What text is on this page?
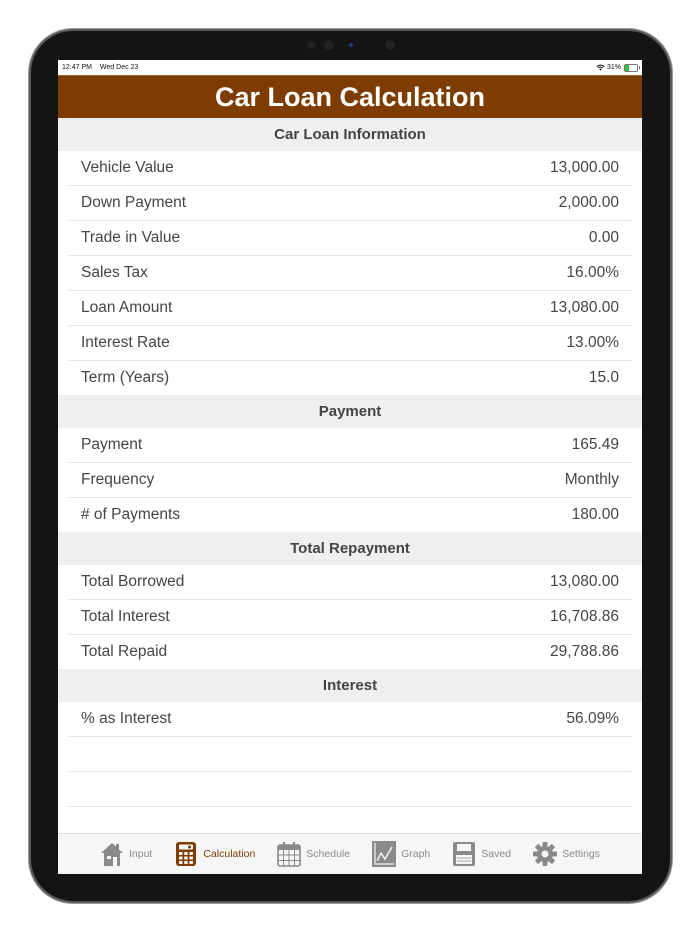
12:47 PM Wed Dec 23	31%
Car Loan Calculation
Car Loan Information
Vehicle Value	13,000.00
Down Payment	2,000.00
Trade in Value	0.00
Sales Tax	16.00%
Loan Amount	13,080.00
Interest Rate	13.00%
Term (Years)	15.0
Payment
Payment	165.49
Frequency	Monthly
# of Payments	180.00
Total Repayment
Total Borrowed	13,080.00
Total Interest	16,708.86
Total Repaid	29,788.86
Interest
% as Interest	56.09%
Input	Calculation	Schedule	Graph	Saved	Settings
